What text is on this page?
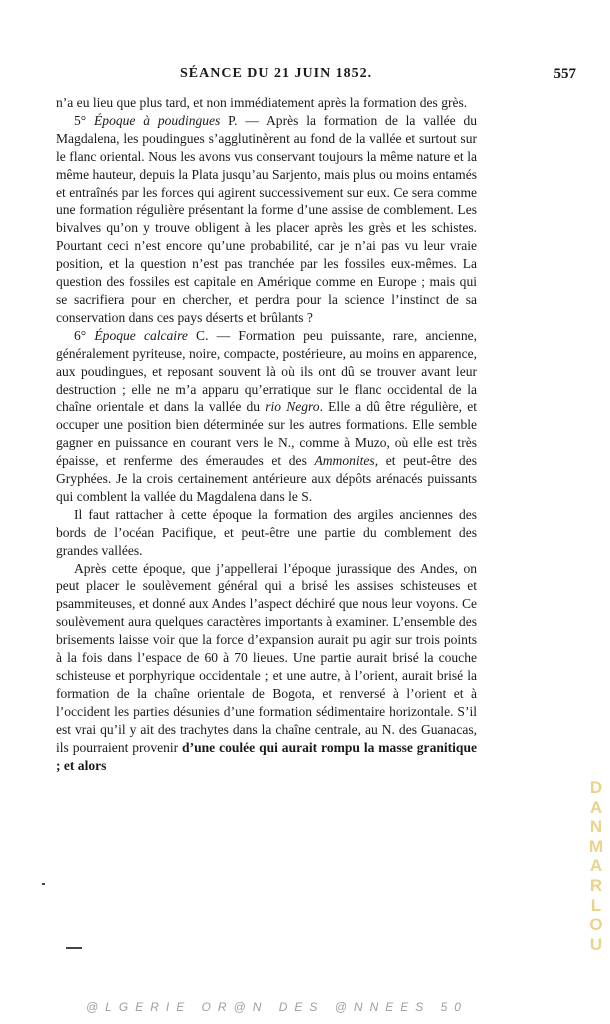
SÉANCE DU 21 JUIN 1852.	557

n’a eu lieu que plus tard, et non immédiatement après la formation des grès.

5° Époque à poudingues P. — Après la formation de la vallée du Magdalena, les poudingues s’agglutinèrent au fond de la vallée et surtout sur le flanc oriental. Nous les avons vus conservant toujours la même nature et la même hauteur, depuis la Plata jusqu’au Sarjento, mais plus ou moins entamés et entraînés par les forces qui agirent successivement sur eux. Ce sera comme une formation régulière présentant la forme d’une assise de comblement. Les bivalves qu’on y trouve obligent à les placer après les grès et les schistes. Pourtant ceci n’est encore qu’une probabilité, car je n’ai pas vu leur vraie position, et la question n’est pas tranchée par les fossiles eux-mêmes. La question des fossiles est capitale en Amérique comme en Europe ; mais qui se sacrifiera pour en chercher, et perdra pour la science l’instinct de sa conservation dans ces pays déserts et brûlants ?

6° Époque calcaire C. — Formation peu puissante, rare, ancienne, généralement pyriteuse, noire, compacte, postérieure, au moins en apparence, aux poudingues, et reposant souvent là où ils ont dû se trouver avant leur destruction ; elle ne m’a apparu qu’erratique sur le flanc occidental de la chaîne orientale et dans la vallée du rio Negro. Elle a dû être régulière, et occuper une position bien déterminée sur les autres formations. Elle semble gagner en puissance en courant vers le N., comme à Muzo, où elle est très épaisse, et renferme des émeraudes et des Ammonites, et peut-être des Gryphées. Je la crois certainement antérieure aux dépôts arénacés puissants qui comblent la vallée du Magdalena dans le S.

Il faut rattacher à cette époque la formation des argiles anciennes des bords de l’océan Pacifique, et peut-être une partie du comblement des grandes vallées.

Après cette époque, que j’appellerai l’époque jurassique des Andes, on peut placer le soulèvement général qui a brisé les assises schisteuses et psammiteuses, et donné aux Andes l’aspect déchiré que nous leur voyons. Ce soulèvement aura quelques caractères importants à examiner. L’ensemble des brisements laisse voir que la force d’expansion aurait pu agir sur trois points à la fois dans l’espace de 60 à 70 lieues. Une partie aurait brisé la couche schisteuse et porphyrique occidentale ; et une autre, à l’orient, aurait brisé la formation de la chaîne orientale de Bogota, et renversé à l’orient et à l’occident les parties désunies d’une formation sédimentaire horizontale. S’il est vrai qu’il y ait des trachytes dans la chaîne centrale, au N. des Guanacas, ils pourraient provenir d’une coulée qui aurait rompu la masse granitique ; et alors

D
A
N
M
A
R
L
O
U
@LGERIE OR@N DES @NNEES 50
